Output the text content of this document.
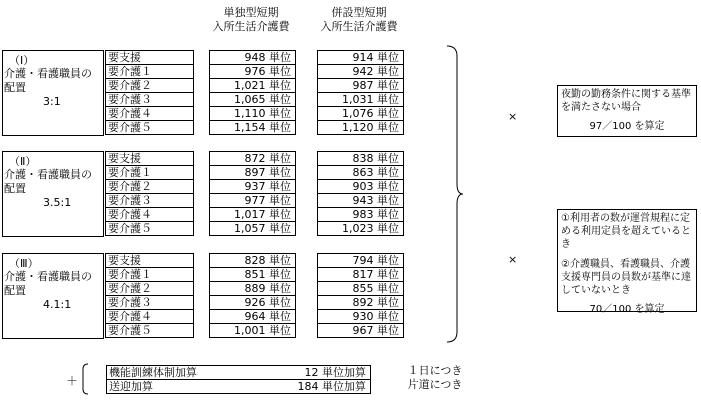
単独型短期
入所生活介護費
併設型短期
入所生活介護費
（Ⅰ）
介護・看護職員の
配置
3:1
要支援
要介護１
要介護２
要介護３
要介護４
要介護５
948 単位
976 単位
1,021 単位
1,065 単位
1,110 単位
1,154 単位
914 単位
942 単位
987 単位
1,031 単位
1,076 単位
1,120 単位
（Ⅱ）
介護・看護職員の
配置
3.5:1
要支援
要介護１
要介護２
要介護３
要介護４
要介護５
872 単位
897 単位
937 単位
977 単位
1,017 単位
1,057 単位
838 単位
863 単位
903 単位
943 単位
983 単位
1,023 単位
（Ⅲ）
介護・看護職員の
配置
4.1:1
要支援
要介護１
要介護２
要介護３
要介護４
要介護５
828 単位
851 単位
889 単位
926 単位
964 単位
1,001 単位
794 単位
817 単位
855 単位
892 単位
930 単位
967 単位
×
×
夜勤の勤務条件に関する基準
を満たさない場合
97／100 を算定
①利用者の数が運営規程に定
める利用定員を超えているとき
②介護職員、看護職員、介護
支援専門員の員数が基準に達
していないとき
70／100 を算定
＋
機能訓練体制加算	12 単位加算
送迎加算	184 単位加算
１日につき
片道につき
